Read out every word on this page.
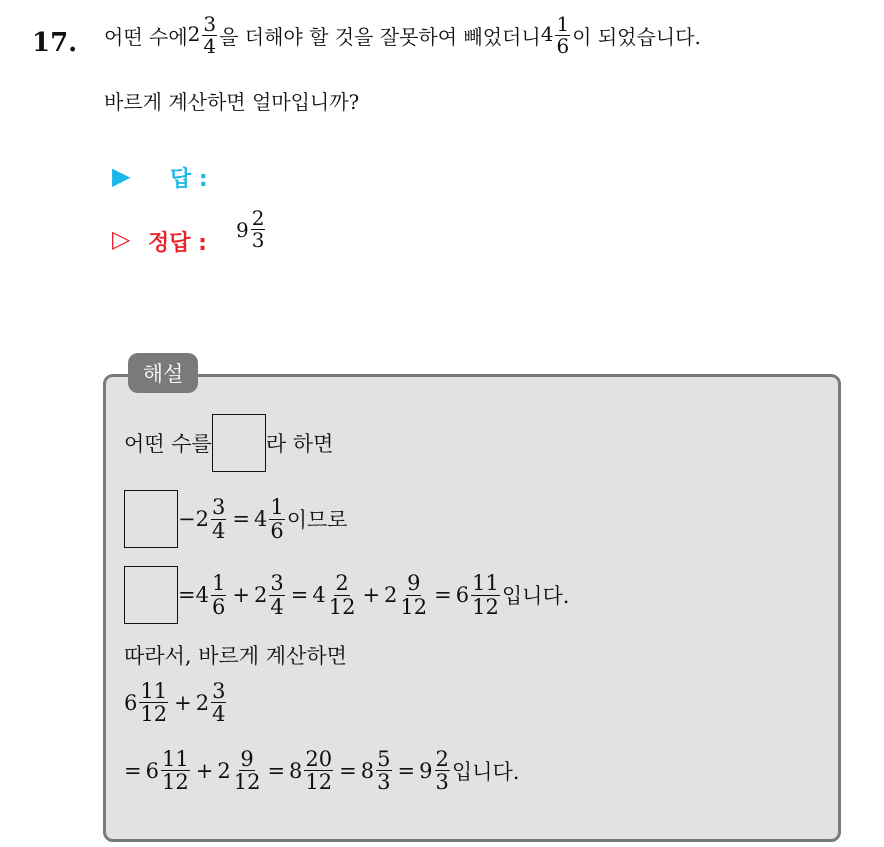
17. 어떤 수에 $2 \frac{3}{4}$ 을 더해야 할 것을 잘못하여 빼었더니 $4 \frac{1}{6}$ 이 되었습니다.
바르게 계산하면 얼마입니까?
▶ 답 :
▷ 정답 :
$9 \frac{2}{3}$
해설
어떤 수를	라 하면
− $2 \frac{3}{4} = 4 \frac{1}{6}$ 이므로
= $4 \frac{1}{6} + 2 \frac{3}{4} = 4 \frac{2}{12} + 2 \frac{9}{12} = 6 \frac{11}{12}$ 입니다.
따라서, 바르게 계산하면
$6 \frac{11}{12} + 2 \frac{3}{4}$
= $6 \frac{11}{12} + 2 \frac{9}{12} = 8 \frac{20}{12} = 8 \frac{5}{3} = 9 \frac{2}{3}$ 입니다.
